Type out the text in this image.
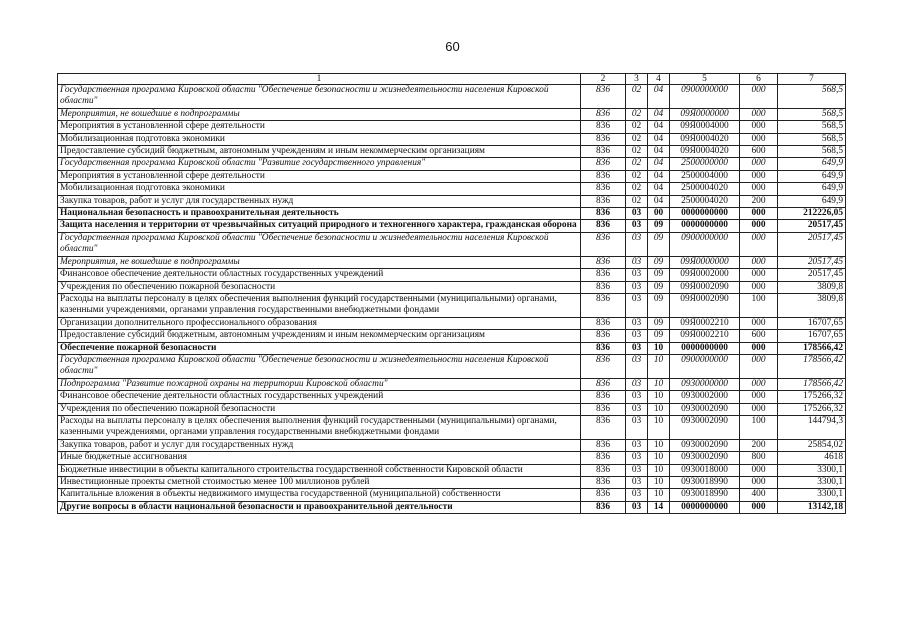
60
1	2	3	4	5	6	7
Государственная программа Кировской области "Обеспечение безопасности и жизнедеятельности населения Кировской области"	836	02	04	0900000000	000	568,5
Мероприятия, не вошедшие в подпрограммы	836	02	04	09Я0000000	000	568,5
Мероприятия в установленной сфере деятельности	836	02	04	09Я0004000	000	568,5
Мобилизационная подготовка экономики	836	02	04	09Я0004020	000	568,5
Предоставление субсидий бюджетным, автономным учреждениям и иным некоммерческим организациям	836	02	04	09Я0004020	600	568,5
Государственная программа Кировской области "Развитие государственного управления"	836	02	04	2500000000	000	649,9
Мероприятия в установленной сфере деятельности	836	02	04	2500004000	000	649,9
Мобилизационная подготовка экономики	836	02	04	2500004020	000	649,9
Закупка товаров, работ и услуг для государственных нужд	836	02	04	2500004020	200	649,9
Национальная безопасность и правоохранительная деятельность	836	03	00	0000000000	000	212226,05
Защита населения и территории от чрезвычайных ситуаций природного и техногенного характера, гражданская оборона	836	03	09	0000000000	000	20517,45
Государственная программа Кировской области "Обеспечение безопасности и жизнедеятельности населения Кировской области"	836	03	09	0900000000	000	20517,45
Мероприятия, не вошедшие в подпрограммы	836	03	09	09Я0000000	000	20517,45
Финансовое обеспечение деятельности областных государственных учреждений	836	03	09	09Я0002000	000	20517,45
Учреждения по обеспечению пожарной безопасности	836	03	09	09Я0002090	000	3809,8
Расходы на выплаты персоналу в целях обеспечения выполнения функций государственными (муниципальными) органами, казенными учреждениями, органами управления государственными внебюджетными фондами	836	03	09	09Я0002090	100	3809,8
Организации дополнительного профессионального образования	836	03	09	09Я0002210	000	16707,65
Предоставление субсидий бюджетным, автономным учреждениям и иным некоммерческим организациям	836	03	09	09Я0002210	600	16707,65
Обеспечение пожарной безопасности	836	03	10	0000000000	000	178566,42
Государственная программа Кировской области "Обеспечение безопасности и жизнедеятельности населения Кировской области"	836	03	10	0900000000	000	178566,42
Подпрограмма "Развитие пожарной охраны на территории Кировской области"	836	03	10	0930000000	000	178566,42
Финансовое обеспечение деятельности областных государственных учреждений	836	03	10	0930002000	000	175266,32
Учреждения по обеспечению пожарной безопасности	836	03	10	0930002090	000	175266,32
Расходы на выплаты персоналу в целях обеспечения выполнения функций государственными (муниципальными) органами, казенными учреждениями, органами управления государственными внебюджетными фондами	836	03	10	0930002090	100	144794,3
Закупка товаров, работ и услуг для государственных нужд	836	03	10	0930002090	200	25854,02
Иные бюджетные ассигнования	836	03	10	0930002090	800	4618
Бюджетные инвестиции в объекты капитального строительства государственной собственности Кировской области	836	03	10	0930018000	000	3300,1
Инвестиционные проекты сметной стоимостью менее 100 миллионов рублей	836	03	10	0930018990	000	3300,1
Капитальные вложения в объекты недвижимого имущества государственной (муниципальной) собственности	836	03	10	0930018990	400	3300,1
Другие вопросы в области национальной безопасности и правоохранительной деятельности	836	03	14	0000000000	000	13142,18
